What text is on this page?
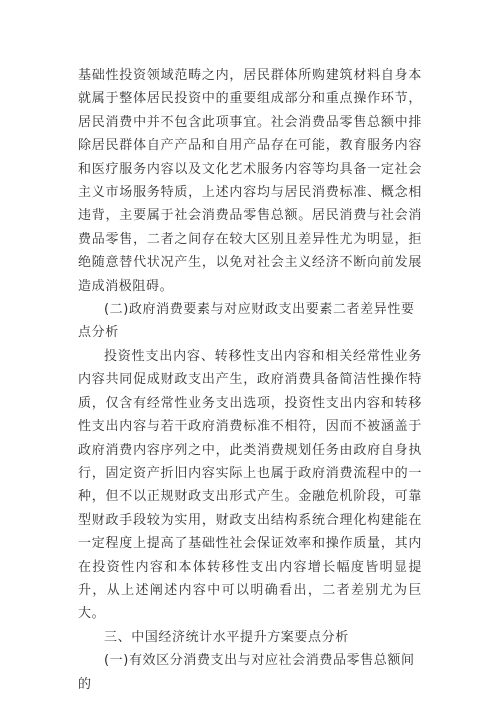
基础性投资领域范畴之内，居民群体所购建筑材料自身本就属于整体居民投资中的重要组成部分和重点操作环节，居民消费中并不包含此项事宜。社会消费品零售总额中排除居民群体自产产品和自用产品存在可能，教育服务内容和医疗服务内容以及文化艺术服务内容等均具备一定社会主义市场服务特质，上述内容均与居民消费标准、概念相违背，主要属于社会消费品零售总额。居民消费与社会消费品零售，二者之间存在较大区别且差异性尤为明显，拒绝随意替代状况产生，以免对社会主义经济不断向前发展造成消极阻碍。

(二)政府消费要素与对应财政支出要素二者差异性要点分析

投资性支出内容、转移性支出内容和相关经常性业务内容共同促成财政支出产生，政府消费具备简洁性操作特质，仅含有经常性业务支出选项，投资性支出内容和转移性支出内容与若干政府消费标准不相符，因而不被涵盖于政府消费内容序列之中，此类消费规划任务由政府自身执行，固定资产折旧内容实际上也属于政府消费流程中的一种，但不以正规财政支出形式产生。金融危机阶段，可靠型财政手段较为实用，财政支出结构系统合理化构建能在一定程度上提高了基础性社会保证效率和操作质量，其内在投资性内容和本体转移性支出内容增长幅度皆明显提升，从上述阐述内容中可以明确看出，二者差别尤为巨大。

三、中国经济统计水平提升方案要点分析

(一)有效区分消费支出与对应社会消费品零售总额间的
